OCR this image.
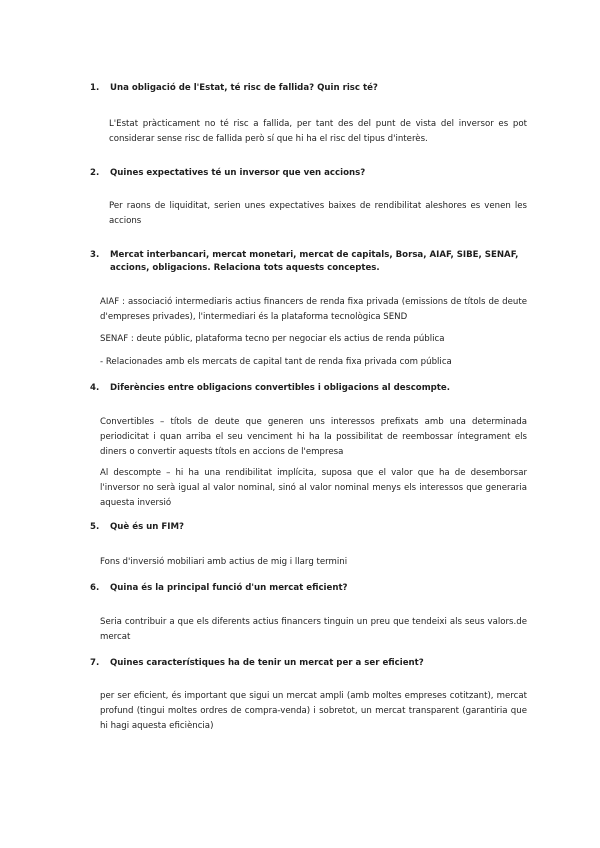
1.	Una obligació de l'Estat, té risc de fallida? Quin risc té?
L'Estat pràcticament no té risc a fallida, per tant des del punt de vista del inversor es pot considerar sense risc de fallida però sí que hi ha el risc del tipus d'interès.
2.	Quines expectatives té un inversor que ven accions?
Per raons de liquiditat, serien unes expectatives baixes de rendibilitat aleshores es venen les accions
3.	Mercat interbancari, mercat monetari, mercat de capitals, Borsa, AIAF, SIBE, SENAF, accions, obligacions. Relaciona tots aquests conceptes.
AIAF : associació intermediaris actius financers de renda fixa privada (emissions de títols de deute d'empreses privades), l'intermediari és la plataforma tecnològica SEND
SENAF : deute públic, plataforma tecno per negociar els actius de renda pública
- Relacionades amb els mercats de capital tant de renda fixa privada com pública
4.	Diferències entre obligacions convertibles i obligacions al descompte.
Convertibles – títols de deute que generen uns interessos prefixats amb una determinada periodicitat i quan arriba el seu venciment hi ha la possibilitat de reembossar íntegrament els diners o convertir aquests títols en accions de l'empresa
Al descompte – hi ha una rendibilitat implícita, suposa que el valor que ha de desemborsar l'inversor no serà igual al valor nominal, sinó al valor nominal menys els interessos que generaria aquesta inversió
5.	Què és un FIM?
Fons d'inversió mobiliari amb actius de mig i llarg termini
6.	Quina és la principal funció d'un mercat eficient?
Seria contribuir a que els diferents actius financers tinguin un preu que tendeixi als seus valors.de mercat
7.	Quines característiques ha de tenir un mercat per a ser eficient?
per ser eficient, és important que sigui un mercat ampli (amb moltes empreses cotitzant), mercat profund (tingui moltes ordres de compra-venda) i sobretot, un mercat transparent (garantiria que hi hagi aquesta eficiència)
